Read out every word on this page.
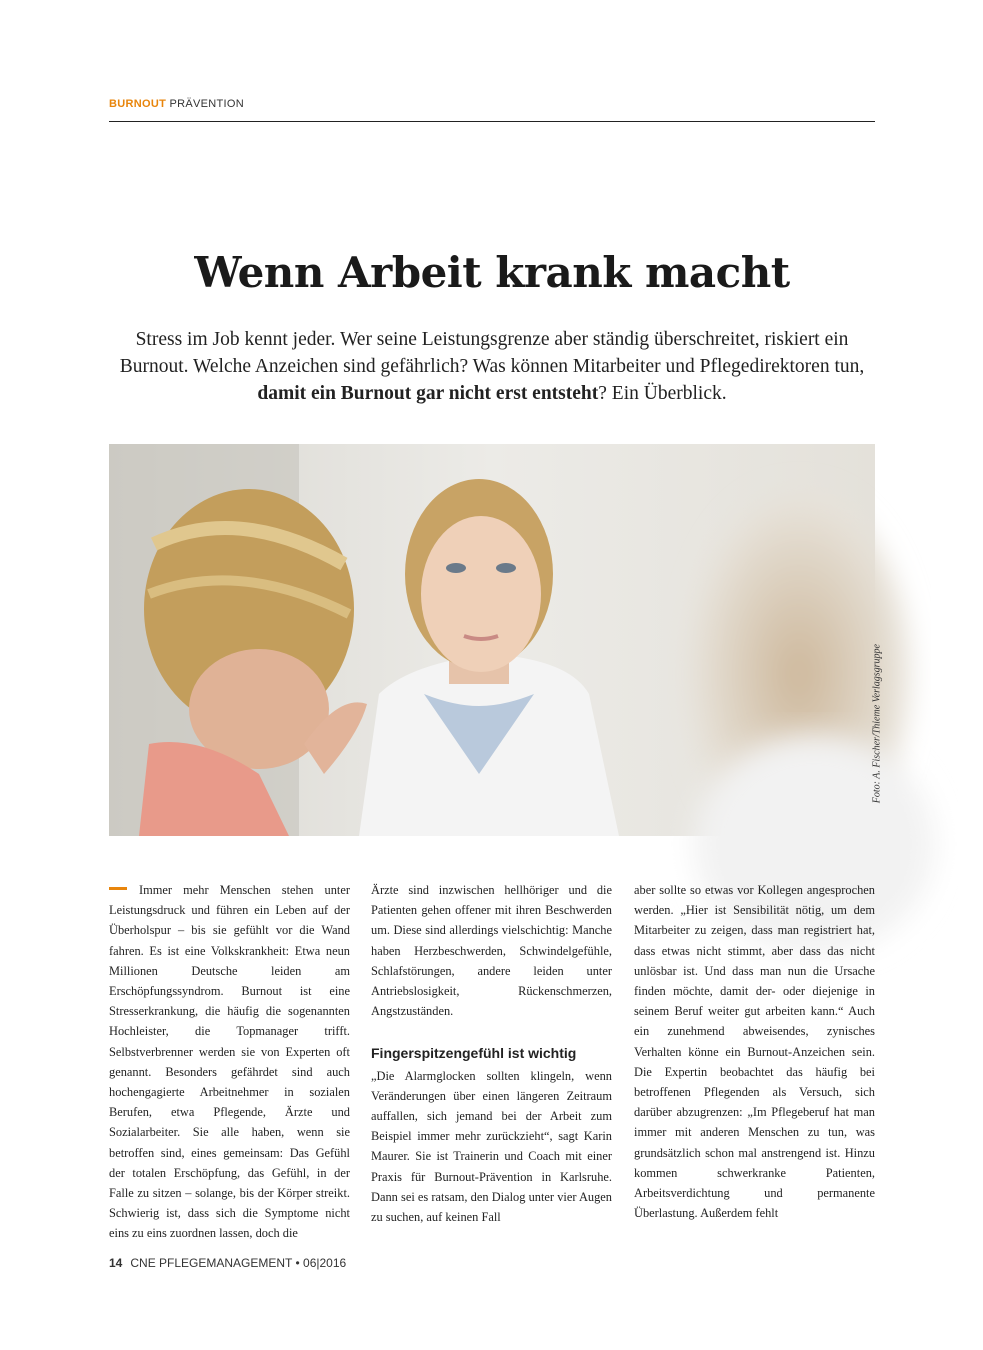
BURNOUT PRÄVENTION
Wenn Arbeit krank macht

Stress im Job kennt jeder. Wer seine Leistungsgrenze aber ständig überschreitet, riskiert ein Burnout. Welche Anzeichen sind gefährlich? Was können Mitarbeiter und Pflegedirektoren tun, damit ein Burnout gar nicht erst entsteht? Ein Überblick.

Foto: A. Fischer/Thieme Verlagsgruppe

Immer mehr Menschen stehen unter Leistungsdruck und führen ein Leben auf der Überholspur – bis sie gefühlt vor die Wand fahren. Es ist eine Volkskrankheit: Etwa neun Millionen Deutsche leiden am Erschöpfungssyndrom. Burnout ist eine Stresserkrankung, die häufig die sogenannten Hochleister, die Topmanager trifft. Selbstverbrenner werden sie von Experten oft genannt. Besonders gefährdet sind auch hochengagierte Arbeitnehmer in sozialen Berufen, etwa Pflegende, Ärzte und Sozialarbeiter. Sie alle haben, wenn sie betroffen sind, eines gemeinsam: Das Gefühl der totalen Erschöpfung, das Gefühl, in der Falle zu sitzen – solange, bis der Körper streikt. Schwierig ist, dass sich die Symptome nicht eins zu eins zuordnen lassen, doch die

Ärzte sind inzwischen hellhöriger und die Patienten gehen offener mit ihren Beschwerden um. Diese sind allerdings vielschichtig: Manche haben Herzbeschwerden, Schwindelgefühle, Schlafstörungen, andere leiden unter Antriebslosigkeit, Rückenschmerzen, Angstzuständen.

Fingerspitzengefühl ist wichtig

„Die Alarmglocken sollten klingeln, wenn Veränderungen über einen längeren Zeitraum auffallen, sich jemand bei der Arbeit zum Beispiel immer mehr zurückzieht“, sagt Karin Maurer. Sie ist Trainerin und Coach mit einer Praxis für Burnout-Prävention in Karlsruhe. Dann sei es ratsam, den Dialog unter vier Augen zu suchen, auf keinen Fall

aber sollte so etwas vor Kollegen angesprochen werden. „Hier ist Sensibilität nötig, um dem Mitarbeiter zu zeigen, dass man registriert hat, dass etwas nicht stimmt, aber dass das nicht unlösbar ist. Und dass man nun die Ursache finden möchte, damit der- oder diejenige in seinem Beruf weiter gut arbeiten kann.“ Auch ein zunehmend abweisendes, zynisches Verhalten könne ein Burnout-Anzeichen sein. Die Expertin beobachtet das häufig bei betroffenen Pflegenden als Versuch, sich darüber abzugrenzen: „Im Pflegeberuf hat man immer mit anderen Menschen zu tun, was grundsätzlich schon mal anstrengend ist. Hinzu kommen schwerkranke Patienten, Arbeitsverdichtung und permanente Überlastung. Außerdem fehlt

14 CNE PFLEGEMANAGEMENT • 06|2016
